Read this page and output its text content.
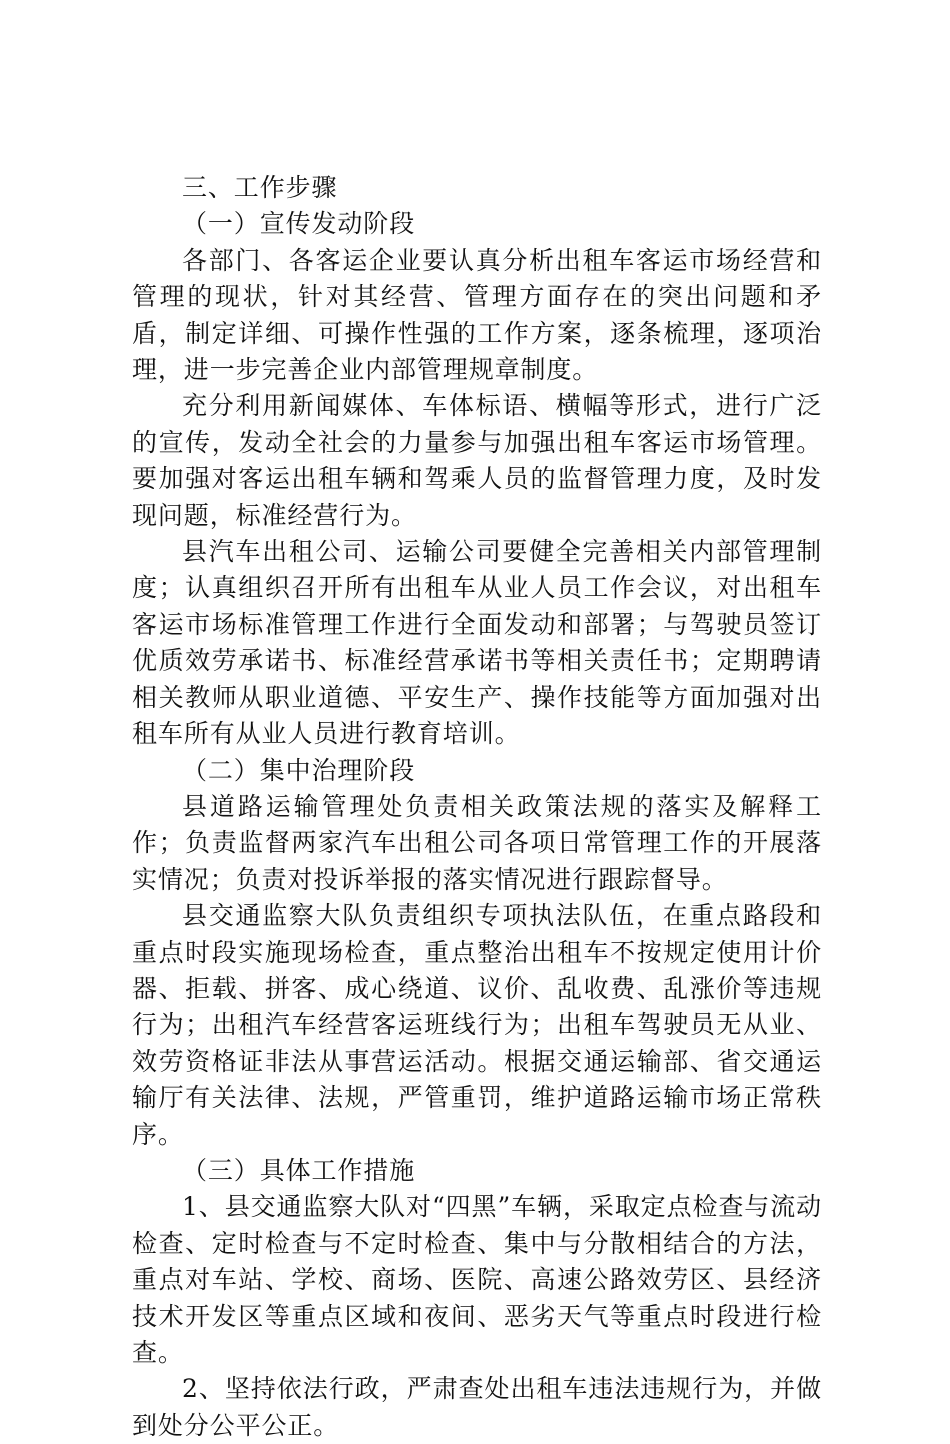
三、工作步骤

（一）宣传发动阶段

各部门、各客运企业要认真分析出租车客运市场经营和管理的现状，针对其经营、管理方面存在的突出问题和矛盾，制定详细、可操作性强的工作方案，逐条梳理，逐项治理，进一步完善企业内部管理规章制度。

充分利用新闻媒体、车体标语、横幅等形式，进行广泛的宣传，发动全社会的力量参与加强出租车客运市场管理。要加强对客运出租车辆和驾乘人员的监督管理力度，及时发现问题，标准经营行为。

县汽车出租公司、运输公司要健全完善相关内部管理制度；认真组织召开所有出租车从业人员工作会议，对出租车客运市场标准管理工作进行全面发动和部署；与驾驶员签订优质效劳承诺书、标准经营承诺书等相关责任书；定期聘请相关教师从职业道德、平安生产、操作技能等方面加强对出租车所有从业人员进行教育培训。

（二）集中治理阶段

县道路运输管理处负责相关政策法规的落实及解释工作；负责监督两家汽车出租公司各项日常管理工作的开展落实情况；负责对投诉举报的落实情况进行跟踪督导。

县交通监察大队负责组织专项执法队伍，在重点路段和重点时段实施现场检查，重点整治出租车不按规定使用计价器、拒载、拼客、成心绕道、议价、乱收费、乱涨价等违规行为；出租汽车经营客运班线行为；出租车驾驶员无从业、效劳资格证非法从事营运活动。根据交通运输部、省交通运输厅有关法律、法规，严管重罚，维护道路运输市场正常秩序。

（三）具体工作措施

1、县交通监察大队对“四黑”车辆，采取定点检查与流动检查、定时检查与不定时检查、集中与分散相结合的方法，重点对车站、学校、商场、医院、高速公路效劳区、县经济技术开发区等重点区域和夜间、恶劣天气等重点时段进行检查。

2、坚持依法行政，严肃查处出租车违法违规行为，并做到处分公平公正。
